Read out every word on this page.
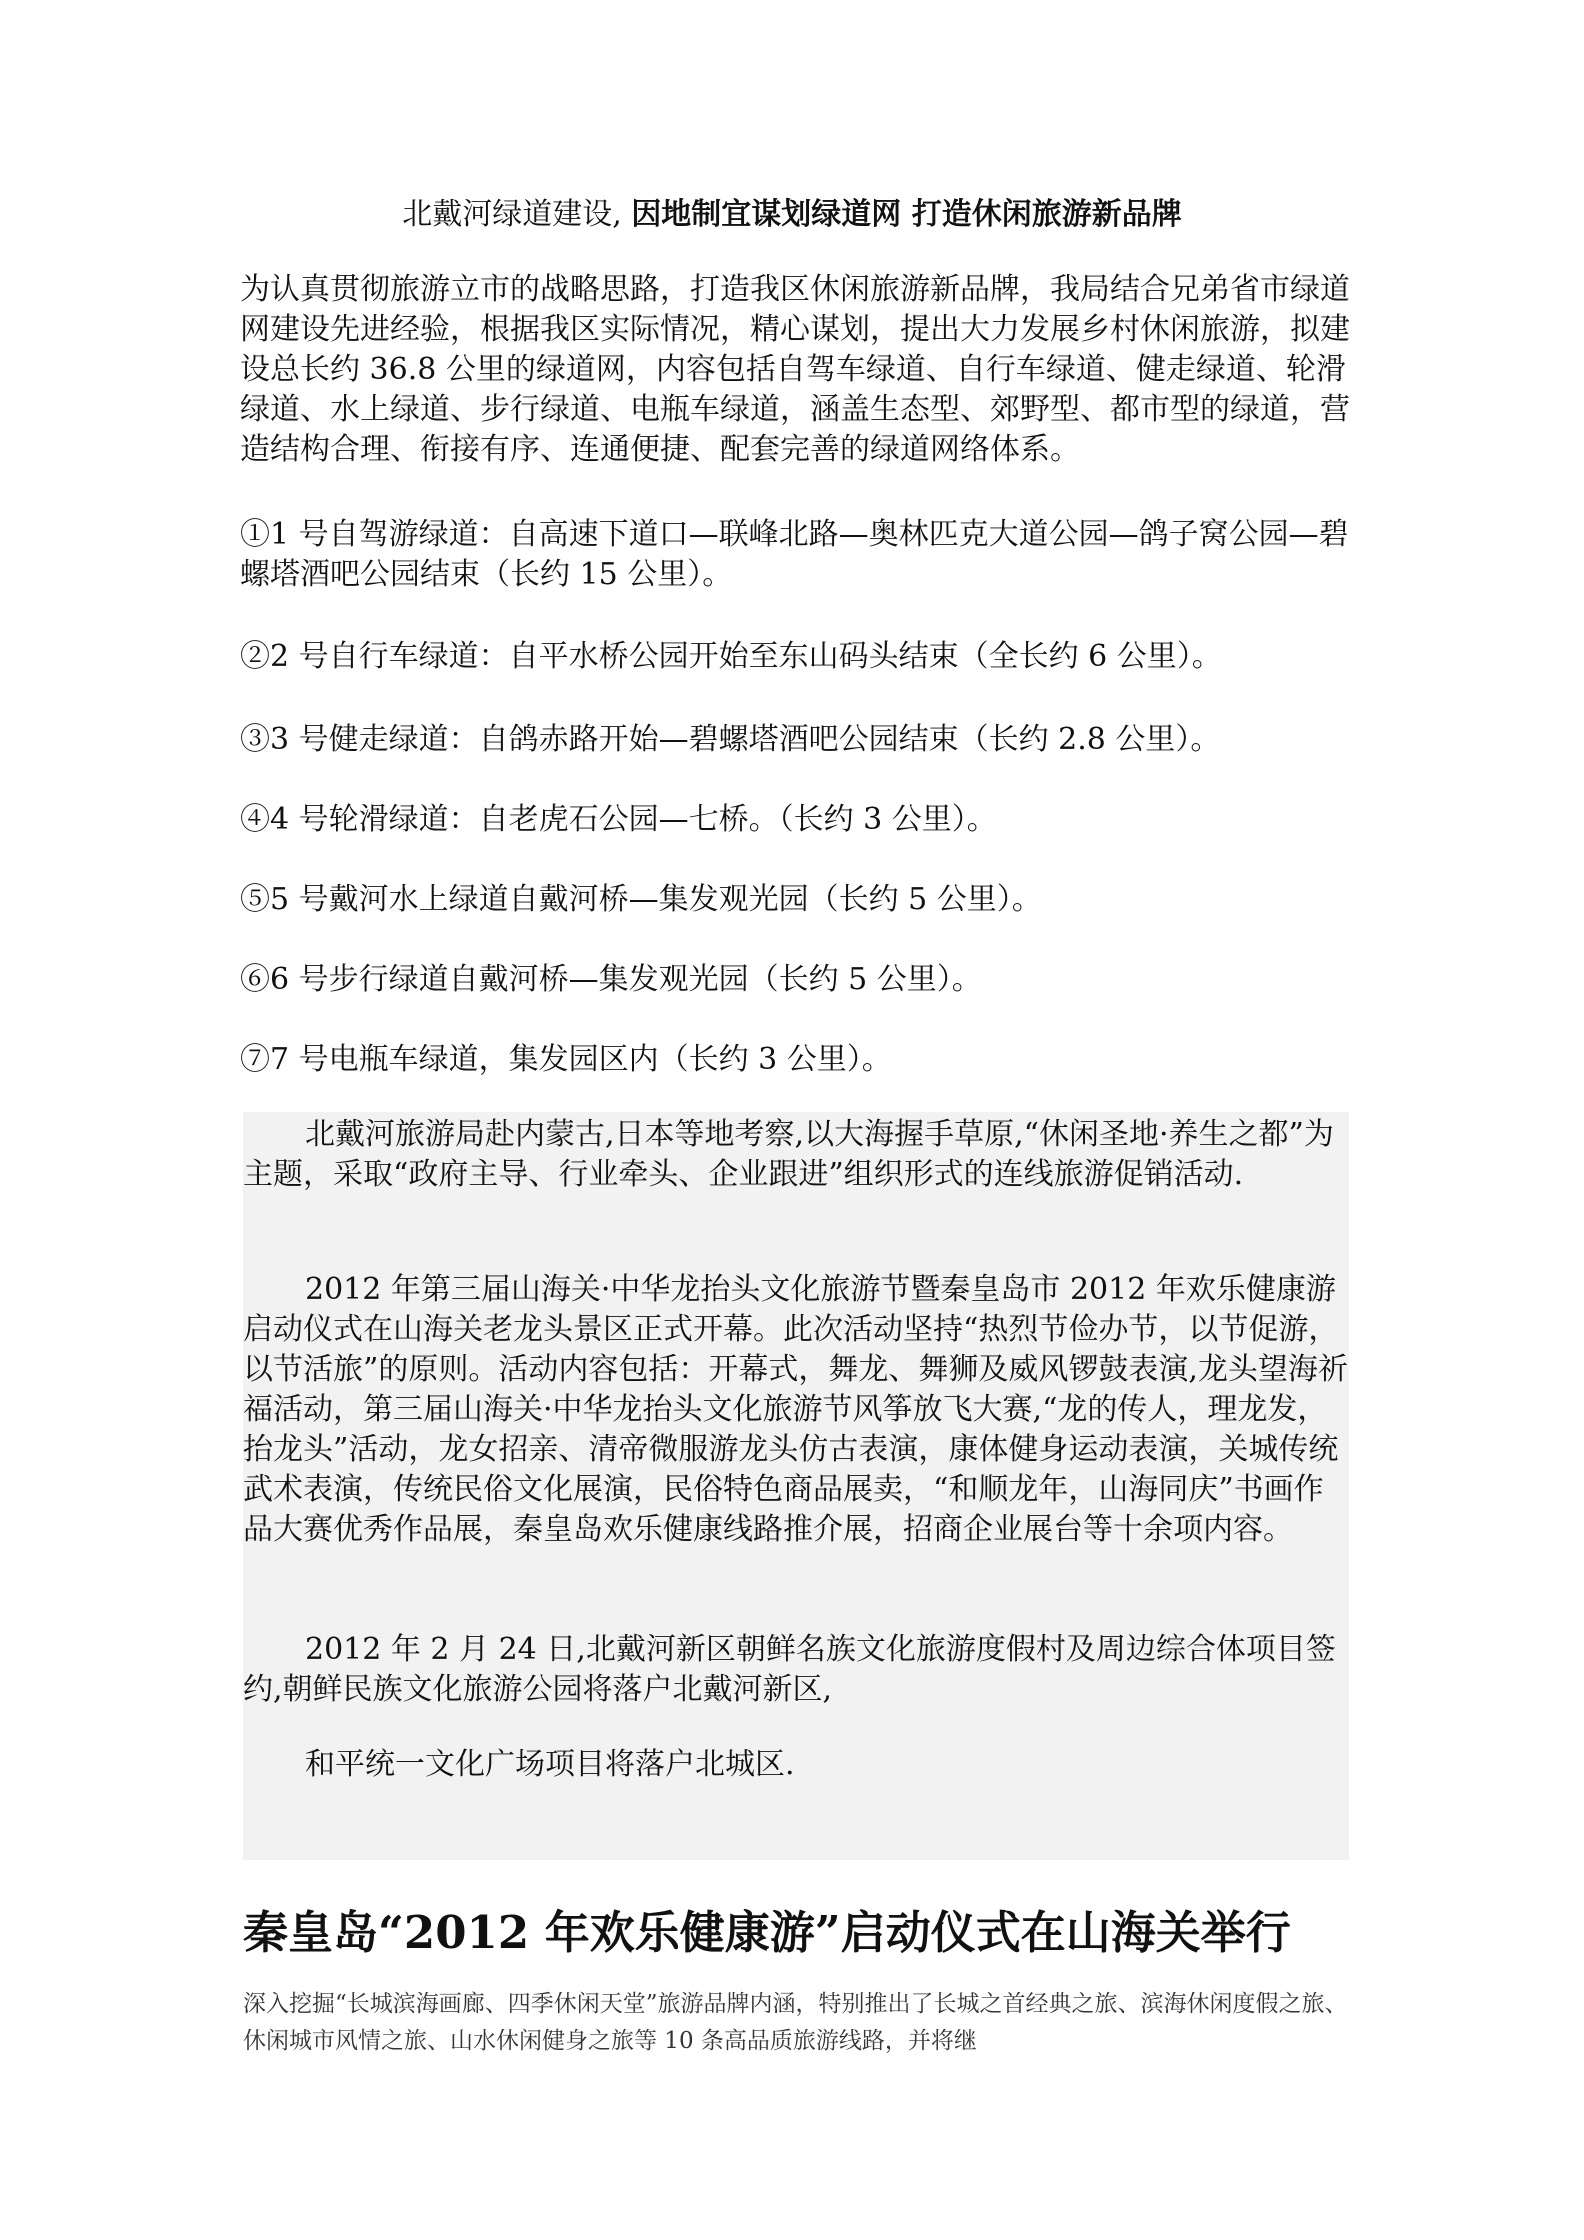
北戴河绿道建设, 因地制宜谋划绿道网 打造休闲旅游新品牌

为认真贯彻旅游立市的战略思路，打造我区休闲旅游新品牌，我局结合兄弟省市绿道网建设先进经验，根据我区实际情况，精心谋划，提出大力发展乡村休闲旅游，拟建设总长约 36.8 公里的绿道网，内容包括自驾车绿道、自行车绿道、健走绿道、轮滑绿道、水上绿道、步行绿道、电瓶车绿道，涵盖生态型、郊野型、都市型的绿道，营造结构合理、衔接有序、连通便捷、配套完善的绿道网络体系。

①1 号自驾游绿道：自高速下道口—联峰北路—奥林匹克大道公园—鸽子窝公园—碧螺塔酒吧公园结束（长约 15 公里）。

②2 号自行车绿道：自平水桥公园开始至东山码头结束（全长约 6 公里）。

③3 号健走绿道：自鸽赤路开始—碧螺塔酒吧公园结束（长约 2.8 公里）。

④4 号轮滑绿道：自老虎石公园—七桥。（长约 3 公里）。

⑤5 号戴河水上绿道自戴河桥—集发观光园（长约 5 公里）。

⑥6 号步行绿道自戴河桥—集发观光园（长约 5 公里）。

⑦7 号电瓶车绿道，集发园区内（长约 3 公里）。

北戴河旅游局赴内蒙古,日本等地考察,以大海握手草原,“休闲圣地·养生之都”为主题，采取“政府主导、行业牵头、企业跟进”组织形式的连线旅游促销活动.

2012 年第三届山海关·中华龙抬头文化旅游节暨秦皇岛市 2012 年欢乐健康游启动仪式在山海关老龙头景区正式开幕。此次活动坚持“热烈节俭办节，以节促游，以节活旅”的原则。活动内容包括：开幕式，舞龙、舞狮及威风锣鼓表演,龙头望海祈福活动，第三届山海关·中华龙抬头文化旅游节风筝放飞大赛,“龙的传人，理龙发，抬龙头”活动，龙女招亲、清帝微服游龙头仿古表演，康体健身运动表演，关城传统武术表演，传统民俗文化展演，民俗特色商品展卖，“和顺龙年，山海同庆”书画作品大赛优秀作品展，秦皇岛欢乐健康线路推介展，招商企业展台等十余项内容。

2012 年 2 月 24 日,北戴河新区朝鲜名族文化旅游度假村及周边综合体项目签约,朝鲜民族文化旅游公园将落户北戴河新区,

和平统一文化广场项目将落户北城区.

秦皇岛“2012 年欢乐健康游”启动仪式在山海关举行

深入挖掘“长城滨海画廊、四季休闲天堂”旅游品牌内涵，特别推出了长城之首经典之旅、滨海休闲度假之旅、休闲城市风情之旅、山水休闲健身之旅等 10 条高品质旅游线路，并将继
